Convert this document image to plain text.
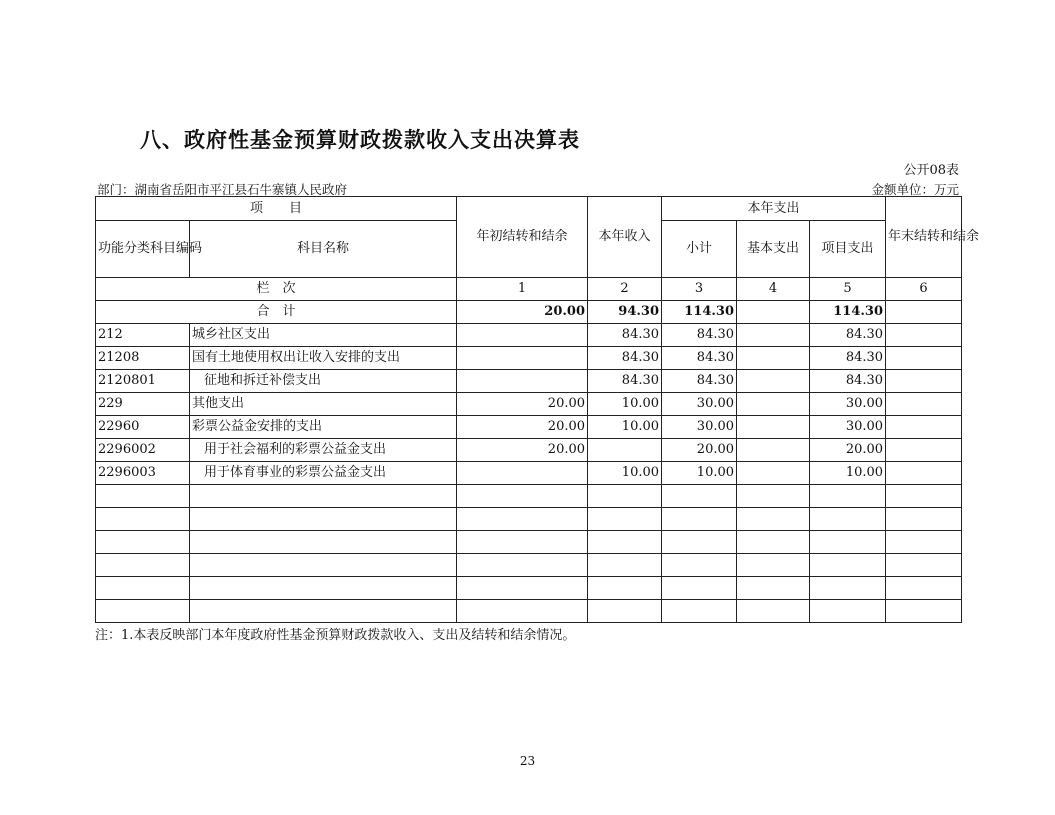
八、政府性基金预算财政拨款收入支出决算表
公开08表
部门：湖南省岳阳市平江县石牛寨镇人民政府	金额单位：万元
项　　目		年初结转和结余	本年收入	本年支出			年末结转和结余
功能分类科目编码	科目名称			小计	基本支出	项目支出	
栏　次		1	2	3	4	5	6
合　计		20.00	94.30	114.30		114.30	
212	城乡社区支出		84.30	84.30		84.30	
21208	国有土地使用权出让收入安排的支出		84.30	84.30		84.30	
2120801	征地和拆迁补偿支出		84.30	84.30		84.30	
229	其他支出	20.00	10.00	30.00		30.00	
22960	彩票公益金安排的支出	20.00	10.00	30.00		30.00	
2296002	用于社会福利的彩票公益金支出	20.00		20.00		20.00	
2296003	用于体育事业的彩票公益金支出		10.00	10.00		10.00	

注：1.本表反映部门本年度政府性基金预算财政拨款收入、支出及结转和结余情况。
23
